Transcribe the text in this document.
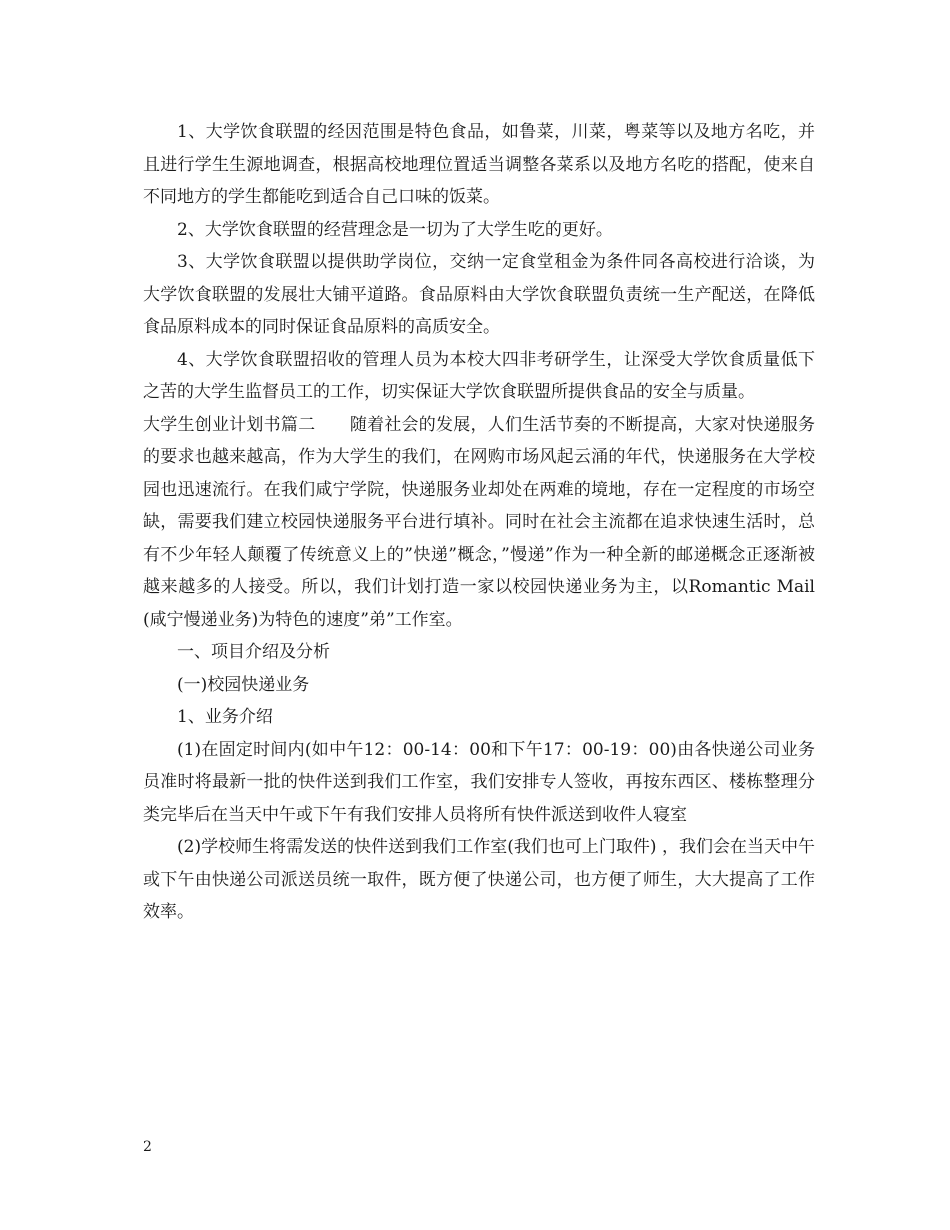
1、大学饮食联盟的经因范围是特色食品，如鲁菜，川菜，粤菜等以及地方名吃，并且进行学生生源地调查，根据高校地理位置适当调整各菜系以及地方名吃的搭配，使来自不同地方的学生都能吃到适合自己口味的饭菜。

2、大学饮食联盟的经营理念是一切为了大学生吃的更好。

3、大学饮食联盟以提供助学岗位，交纳一定食堂租金为条件同各高校进行洽谈，为大学饮食联盟的发展壮大铺平道路。食品原料由大学饮食联盟负责统一生产配送，在降低食品原料成本的同时保证食品原料的高质安全。

4、大学饮食联盟招收的管理人员为本校大四非考研学生，让深受大学饮食质量低下之苦的大学生监督员工的工作，切实保证大学饮食联盟所提供食品的安全与质量。

大学生创业计划书篇二　　随着社会的发展，人们生活节奏的不断提高，大家对快递服务的要求也越来越高，作为大学生的我们，在网购市场风起云涌的年代，快递服务在大学校园也迅速流行。在我们咸宁学院，快递服务业却处在两难的境地，存在一定程度的市场空缺，需要我们建立校园快递服务平台进行填补。同时在社会主流都在追求快速生活时，总有不少年轻人颠覆了传统意义上的”快递”概念，”慢递”作为一种全新的邮递概念正逐渐被越来越多的人接受。所以，我们计划打造一家以校园快递业务为主，以Romantic Mail(咸宁慢递业务)为特色的速度”弟”工作室。

一、项目介绍及分析

(一)校园快递业务

1、业务介绍

(1)在固定时间内(如中午12：00-14：00和下午17：00-19：00)由各快递公司业务员准时将最新一批的快件送到我们工作室，我们安排专人签收，再按东西区、楼栋整理分类完毕后在当天中午或下午有我们安排人员将所有快件派送到收件人寝室

(2)学校师生将需发送的快件送到我们工作室(我们也可上门取件) ，我们会在当天中午或下午由快递公司派送员统一取件，既方便了快递公司，也方便了师生，大大提高了工作效率。

2
